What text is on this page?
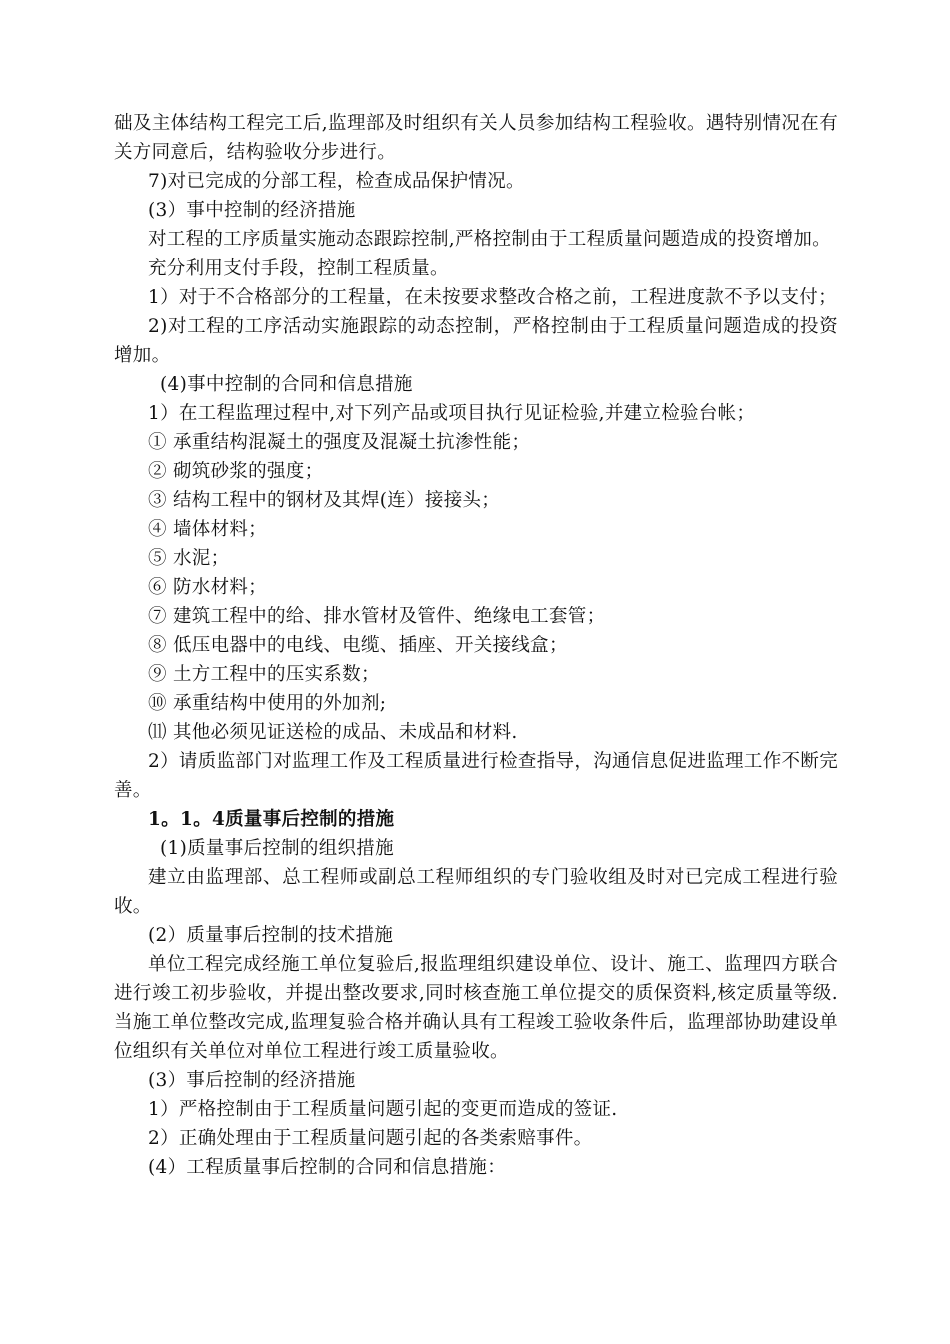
础及主体结构工程完工后,监理部及时组织有关人员参加结构工程验收。遇特别情况在有关方同意后，结构验收分步进行。

7)对已完成的分部工程，检查成品保护情况。

(3）事中控制的经济措施

对工程的工序质量实施动态跟踪控制,严格控制由于工程质量问题造成的投资增加。

充分利用支付手段，控制工程质量。

1）对于不合格部分的工程量，在未按要求整改合格之前，工程进度款不予以支付；

2)对工程的工序活动实施跟踪的动态控制，严格控制由于工程质量问题造成的投资增加。

(4)事中控制的合同和信息措施

1）在工程监理过程中,对下列产品或项目执行见证检验,并建立检验台帐；

① 承重结构混凝土的强度及混凝土抗渗性能；

② 砌筑砂浆的强度；

③ 结构工程中的钢材及其焊(连）接接头；

④ 墙体材料；

⑤ 水泥；

⑥ 防水材料；

⑦ 建筑工程中的给、排水管材及管件、绝缘电工套管；

⑧ 低压电器中的电线、电缆、插座、开关接线盒；

⑨ 土方工程中的压实系数；

⑩ 承重结构中使用的外加剂;

⑾ 其他必须见证送检的成品、未成品和材料.

2）请质监部门对监理工作及工程质量进行检查指导，沟通信息促进监理工作不断完善。

1。1。4质量事后控制的措施

(1)质量事后控制的组织措施

建立由监理部、总工程师或副总工程师组织的专门验收组及时对已完成工程进行验收。

(2）质量事后控制的技术措施

单位工程完成经施工单位复验后,报监理组织建设单位、设计、施工、监理四方联合进行竣工初步验收，并提出整改要求,同时核查施工单位提交的质保资料,核定质量等级.当施工单位整改完成,监理复验合格并确认具有工程竣工验收条件后，监理部协助建设单位组织有关单位对单位工程进行竣工质量验收。

(3）事后控制的经济措施

1）严格控制由于工程质量问题引起的变更而造成的签证.

2）正确处理由于工程质量问题引起的各类索赔事件。

(4）工程质量事后控制的合同和信息措施：
